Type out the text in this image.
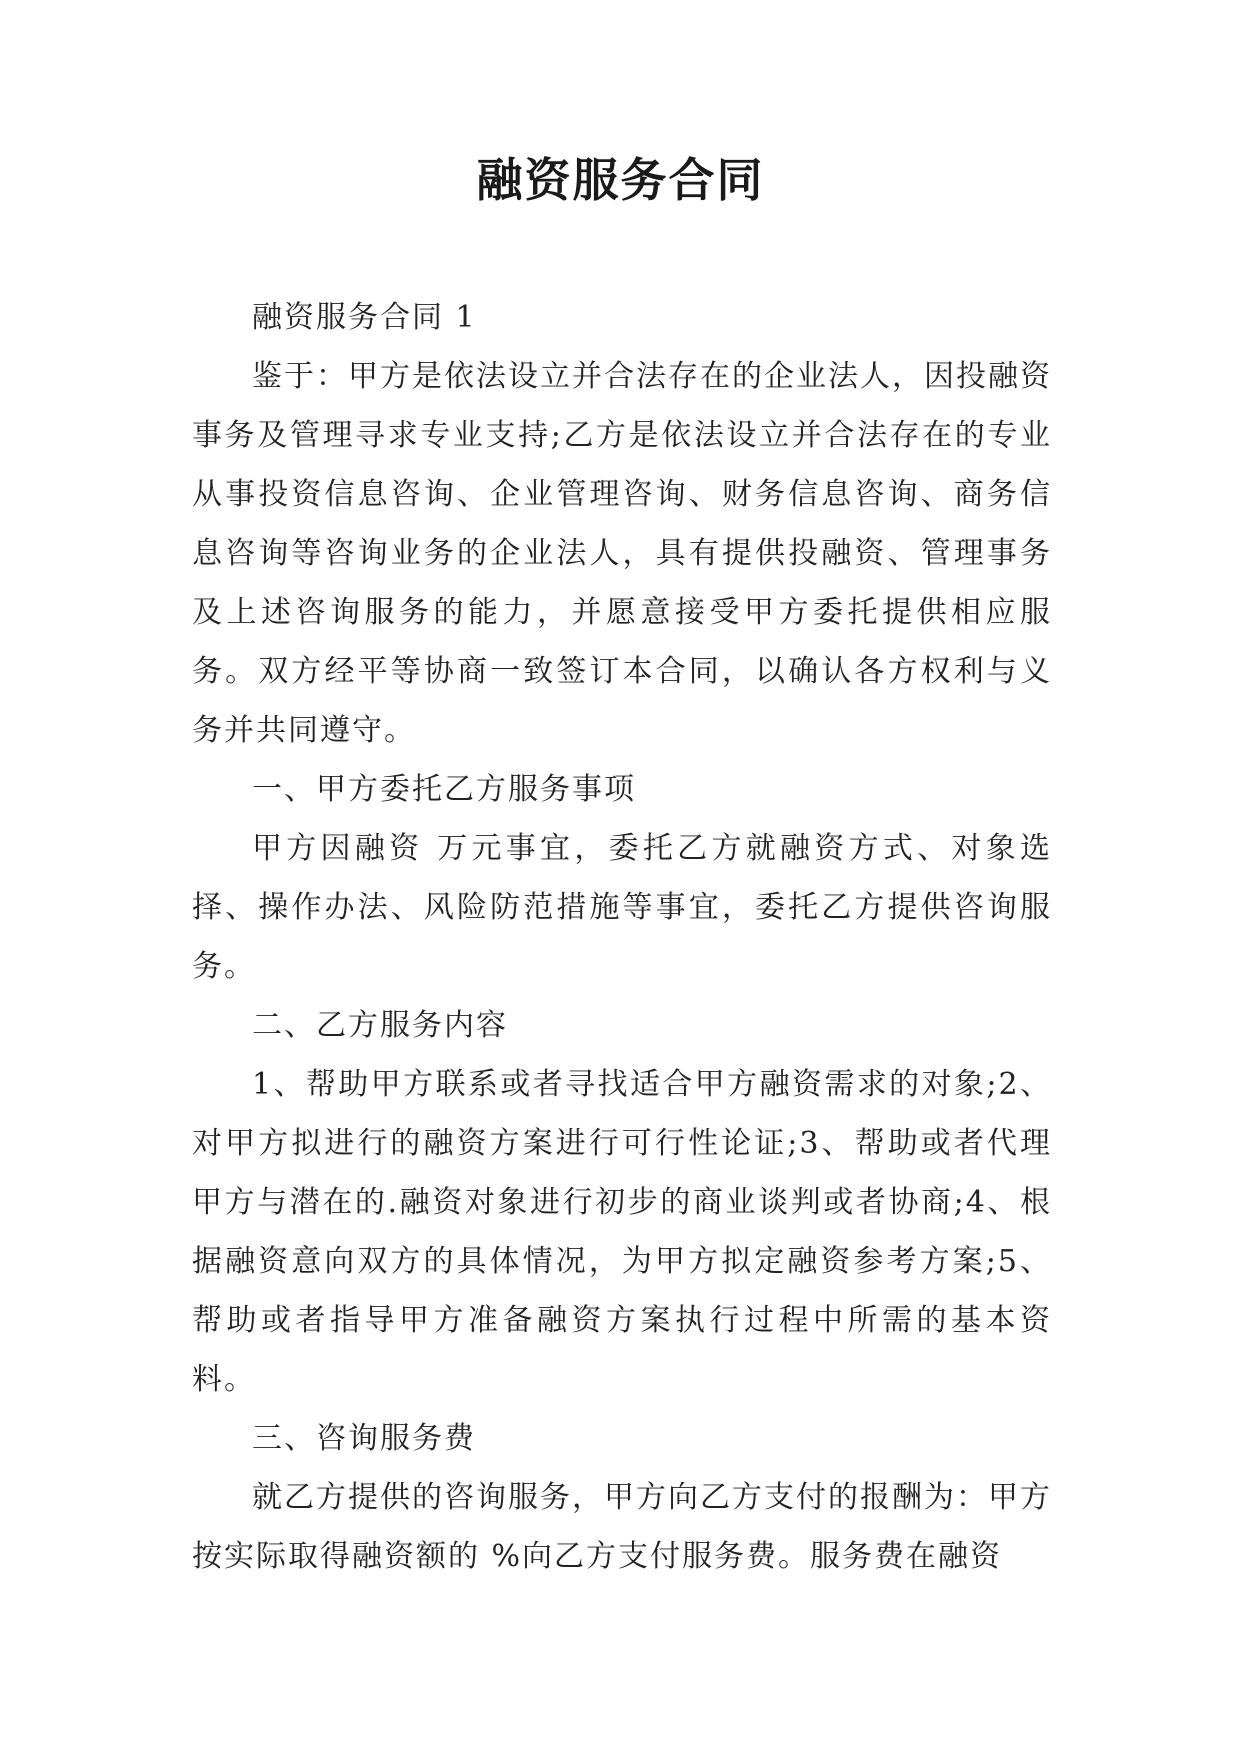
融资服务合同

融资服务合同 1

鉴于：甲方是依法设立并合法存在的企业法人，因投融资事务及管理寻求专业支持;乙方是依法设立并合法存在的专业从事投资信息咨询、企业管理咨询、财务信息咨询、商务信息咨询等咨询业务的企业法人，具有提供投融资、管理事务及上述咨询服务的能力，并愿意接受甲方委托提供相应服务。双方经平等协商一致签订本合同，以确认各方权利与义务并共同遵守。

一、甲方委托乙方服务事项

甲方因融资 万元事宜，委托乙方就融资方式、对象选择、操作办法、风险防范措施等事宜，委托乙方提供咨询服务。

二、乙方服务内容

1、帮助甲方联系或者寻找适合甲方融资需求的对象;2、对甲方拟进行的融资方案进行可行性论证;3、帮助或者代理甲方与潜在的.融资对象进行初步的商业谈判或者协商;4、根据融资意向双方的具体情况，为甲方拟定融资参考方案;5、帮助或者指导甲方准备融资方案执行过程中所需的基本资料。

三、咨询服务费

就乙方提供的咨询服务，甲方向乙方支付的报酬为：甲方按实际取得融资额的 %向乙方支付服务费。服务费在融资
